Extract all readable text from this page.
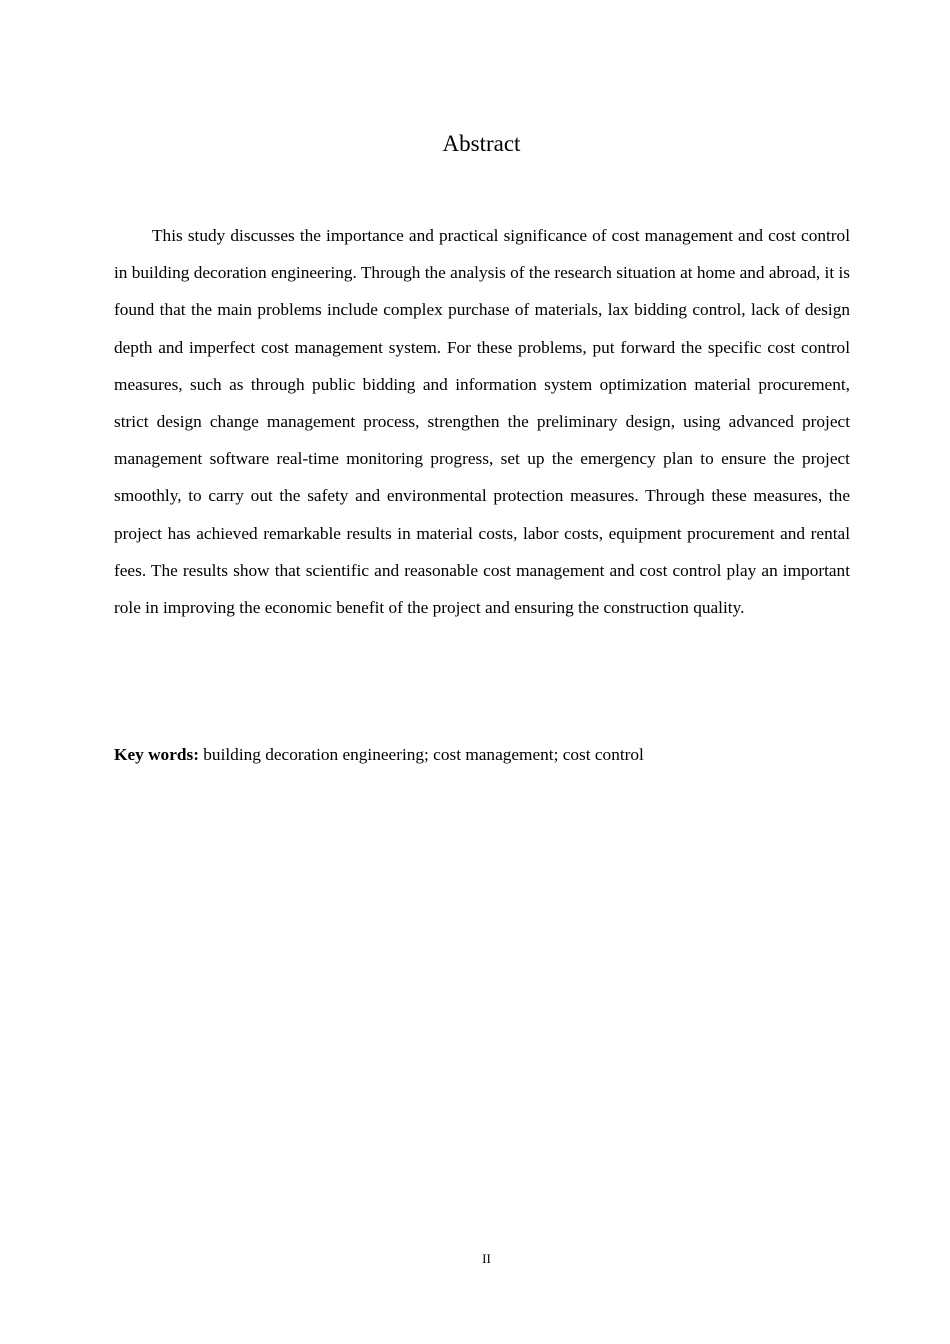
Abstract

This study discusses the importance and practical significance of cost management and cost control in building decoration engineering. Through the analysis of the research situation at home and abroad, it is found that the main problems include complex purchase of materials, lax bidding control, lack of design depth and imperfect cost management system. For these problems, put forward the specific cost control measures, such as through public bidding and information system optimization material procurement, strict design change management process, strengthen the preliminary design, using advanced project management software real-time monitoring progress, set up the emergency plan to ensure the project smoothly, to carry out the safety and environmental protection measures. Through these measures, the project has achieved remarkable results in material costs, labor costs, equipment procurement and rental fees. The results show that scientific and reasonable cost management and cost control play an important role in improving the economic benefit of the project and ensuring the construction quality.

Key words: building decoration engineering; cost management; cost control

II
